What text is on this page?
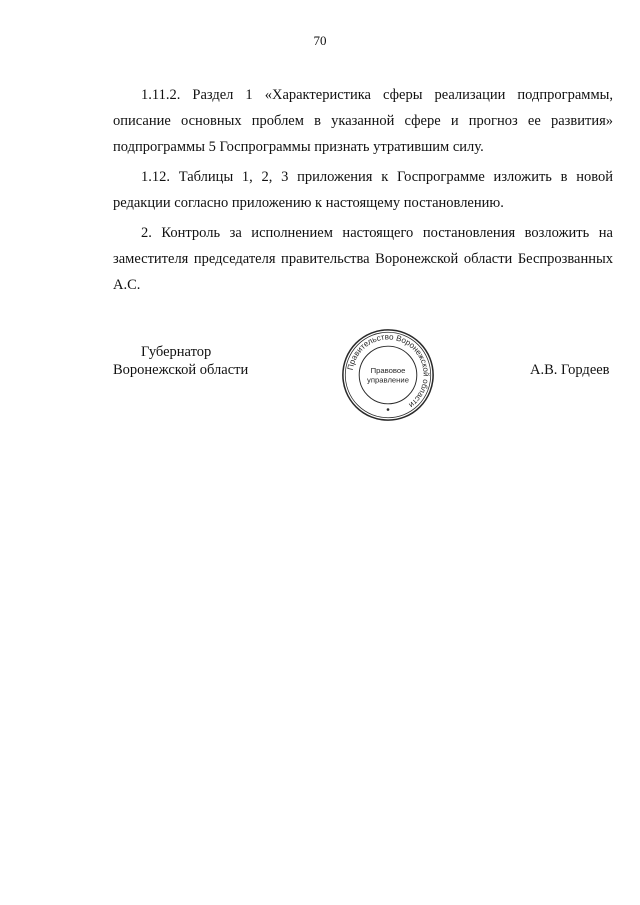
70

1.11.2. Раздел 1 «Характеристика сферы реализации подпрограммы, описание основных проблем в указанной сфере и прогноз ее развития» подпрограммы 5 Госпрограммы признать утратившим силу.

1.12. Таблицы 1, 2, 3 приложения к Госпрограмме изложить в новой редакции согласно приложению к настоящему постановлению.

2. Контроль за исполнением настоящего постановления возложить на заместителя председателя правительства Воронежской области Беспрозванных А.С.

Губернатор
Воронежской области	Правительство Воронежской области
Правовое
управление
А.В. Гордеев
